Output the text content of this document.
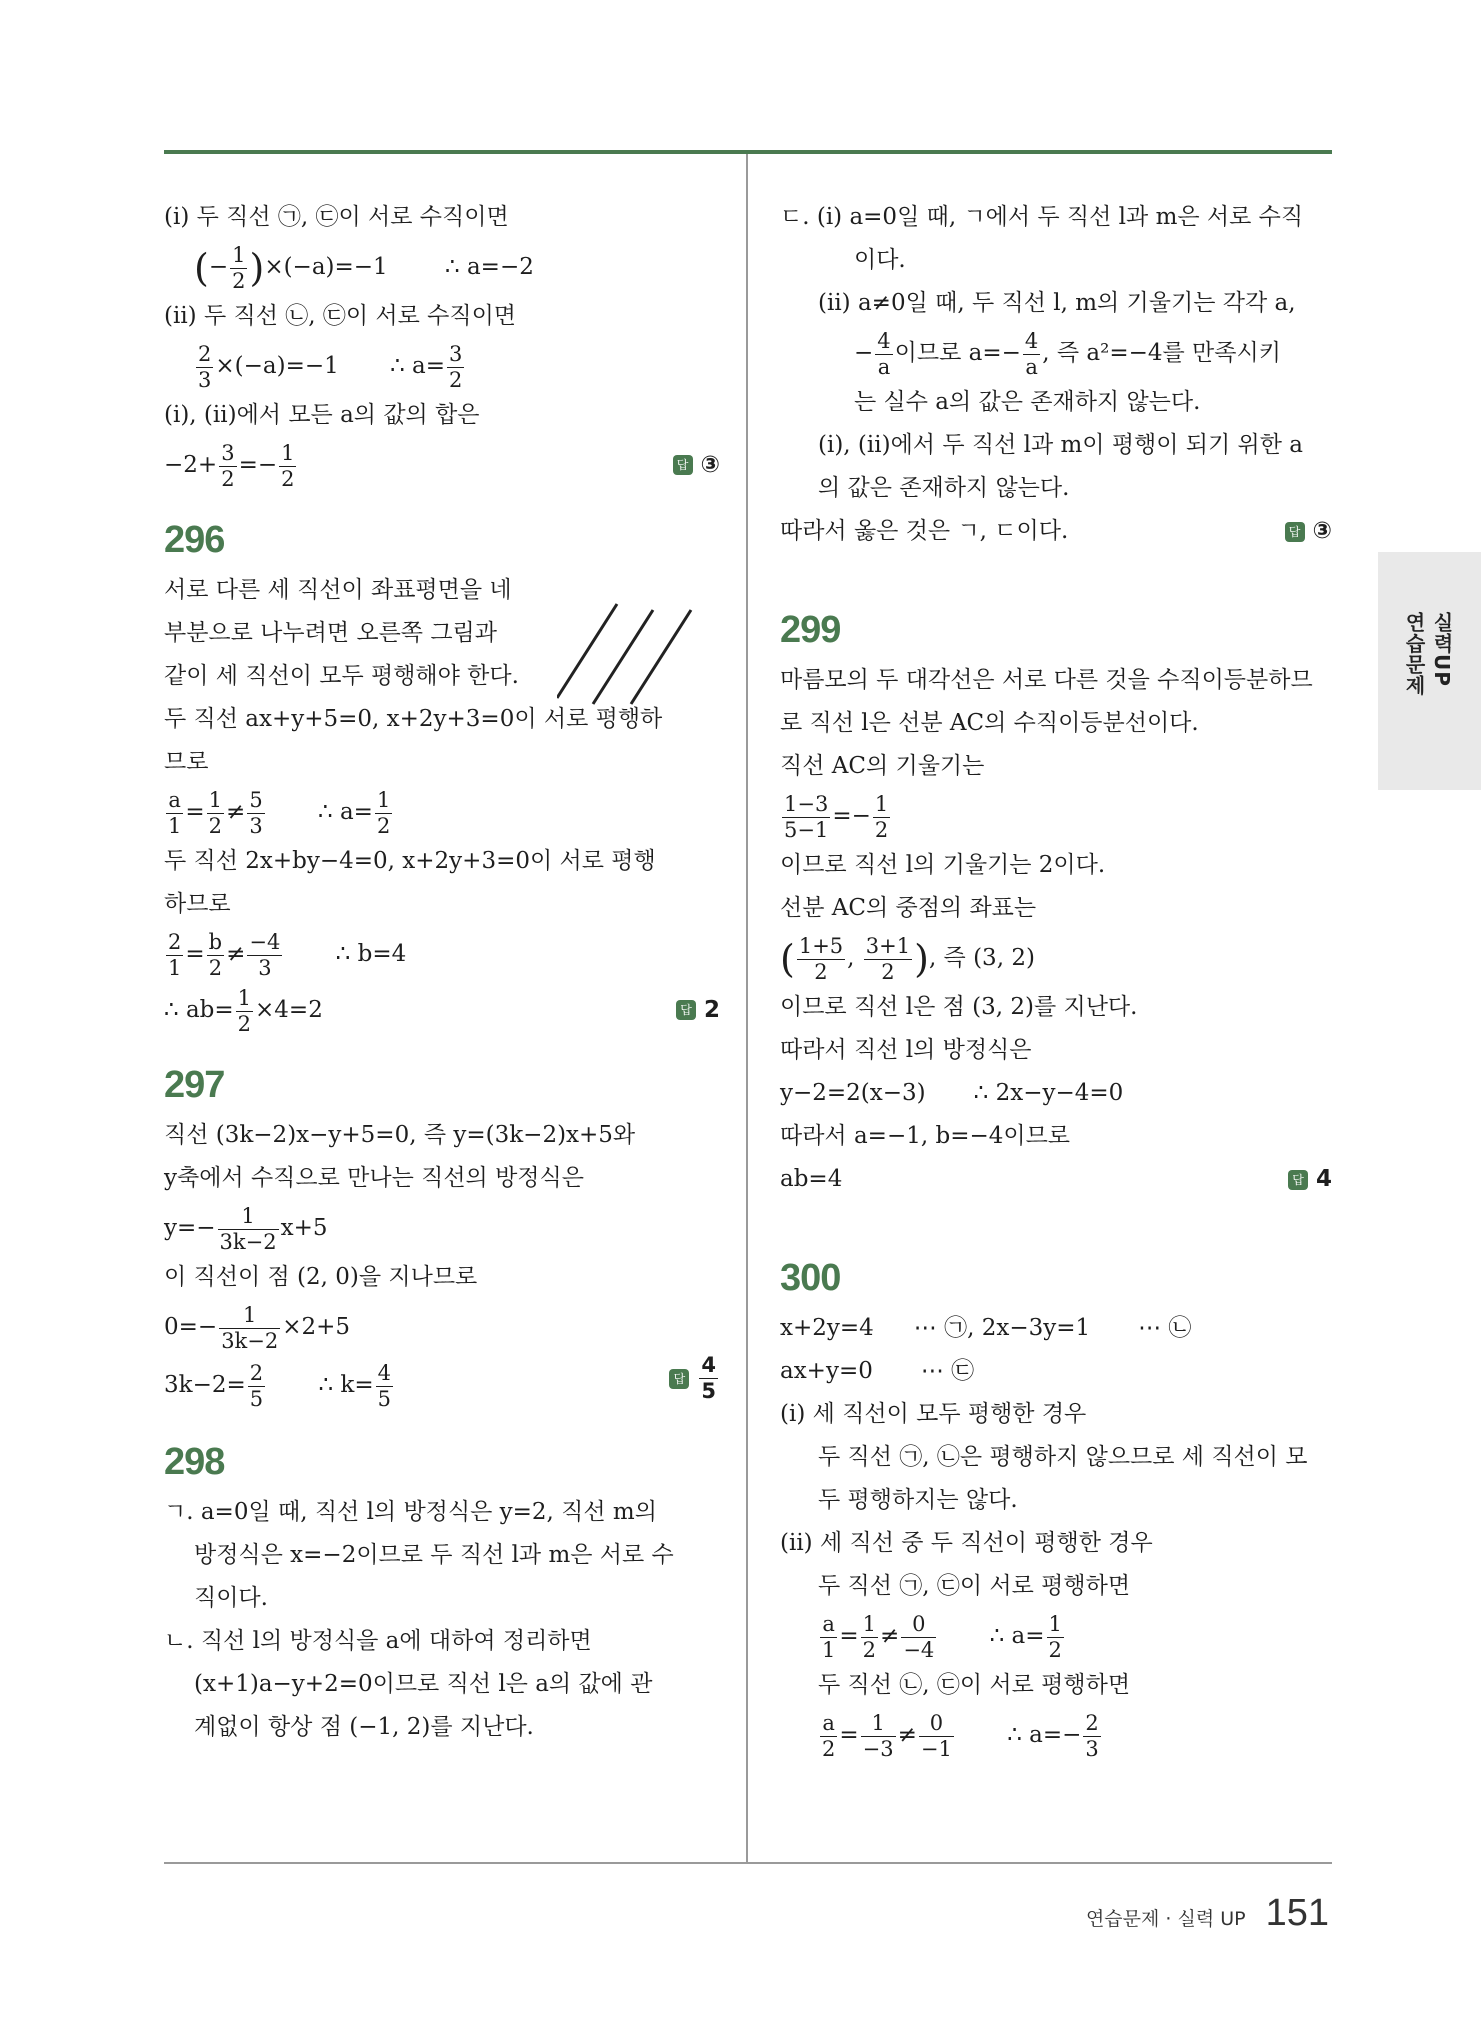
(ⅰ) 두 직선 ㉠, ㉢이 서로 수직이면
(− $\frac{1}{2} )\times(-a)=-1$ ∴ a=−2
(ⅱ) 두 직선 ㉡, ㉢이 서로 수직이면
$\frac{2}{3} \times(-a)=-1$ ∴ $a= \frac{3}{2}$
(ⅰ), (ⅱ)에서 모든 a의 값의 합은
$-2+ \frac{3}{2} =- \frac{1}{2}$	답 ③
296
서로 다른 세 직선이 좌표평면을 네
부분으로 나누려면 오른쪽 그림과
같이 세 직선이 모두 평행해야 한다.
두 직선 ax+y+5=0, x+2y+3=0이 서로 평행하
므로
$\frac{a}{1} = \frac{1}{2} \ne \frac{5}{3}$ ∴ $a= \frac{1}{2}$
두 직선 2x+by−4=0, x+2y+3=0이 서로 평행
하므로
$\frac{2}{1} = \frac{b}{2} \ne \frac{-4}{3}$ ∴ b=4
∴ $ab= \frac{1}{2} \times 4=2$	답 2
297
직선 (3k−2)x−y+5=0, 즉 y=(3k−2)x+5와
y축에서 수직으로 만나는 직선의 방정식은
$y=- \frac{1}{3k-2} x+5$
이 직선이 점 (2, 0)을 지나므로
$0=- \frac{1}{3k-2} \times 2+5$
$3k-2= \frac{2}{5}$ ∴ $k= \frac{4}{5}$	답 $\frac{4}{5}$
298
ㄱ. a=0일 때, 직선 l의 방정식은 y=2, 직선 m의
방정식은 x=−2이므로 두 직선 l과 m은 서로 수
직이다.
ㄴ. 직선 l의 방정식을 a에 대하여 정리하면
(x+1)a−y+2=0이므로 직선 l은 a의 값에 관
계없이 항상 점 (−1, 2)를 지난다.
ㄷ. (ⅰ) a=0일 때, ㄱ에서 두 직선 l과 m은 서로 수직
이다.
(ⅱ) a≠0일 때, 두 직선 l, m의 기울기는 각각 a,
− $\frac{4}{a}$ 이므로 $a=- \frac{4}{a}$ , 즉 a²=−4를 만족시키
는 실수 a의 값은 존재하지 않는다.
(ⅰ), (ⅱ)에서 두 직선 l과 m이 평행이 되기 위한 a
의 값은 존재하지 않는다.
따라서 옳은 것은 ㄱ, ㄷ이다.	답 ③
299
마름모의 두 대각선은 서로 다른 것을 수직이등분하므
로 직선 l은 선분 AC의 수직이등분선이다.
직선 AC의 기울기는
$\frac{1-3}{5-1} =- \frac{1}{2}$
이므로 직선 l의 기울기는 2이다.
선분 AC의 중점의 좌표는
( $\frac{1+5}{2}$ , $\frac{3+1}{2}$ ), 즉 (3, 2)
이므로 직선 l은 점 (3, 2)를 지난다.
따라서 직선 l의 방정식은
y−2=2(x−3) ∴ 2x−y−4=0
따라서 a=−1, b=−4이므로
ab=4	답 4
300
x+2y=4 ⋯ ㉠, 2x−3y=1 ⋯ ㉡
ax+y=0 ⋯ ㉢
(ⅰ) 세 직선이 모두 평행한 경우
두 직선 ㉠, ㉡은 평행하지 않으므로 세 직선이 모
두 평행하지는 않다.
(ⅱ) 세 직선 중 두 직선이 평행한 경우
두 직선 ㉠, ㉢이 서로 평행하면
$\frac{a}{1} = \frac{1}{2} \ne \frac{0}{-4}$ ∴ $a= \frac{1}{2}$
두 직선 ㉡, ㉢이 서로 평행하면
$\frac{a}{2} = \frac{1}{-3} \ne \frac{0}{-1}$ ∴ $a=- \frac{2}{3}$
실력UP
연습문제
연습문제 · 실력 UP 151
